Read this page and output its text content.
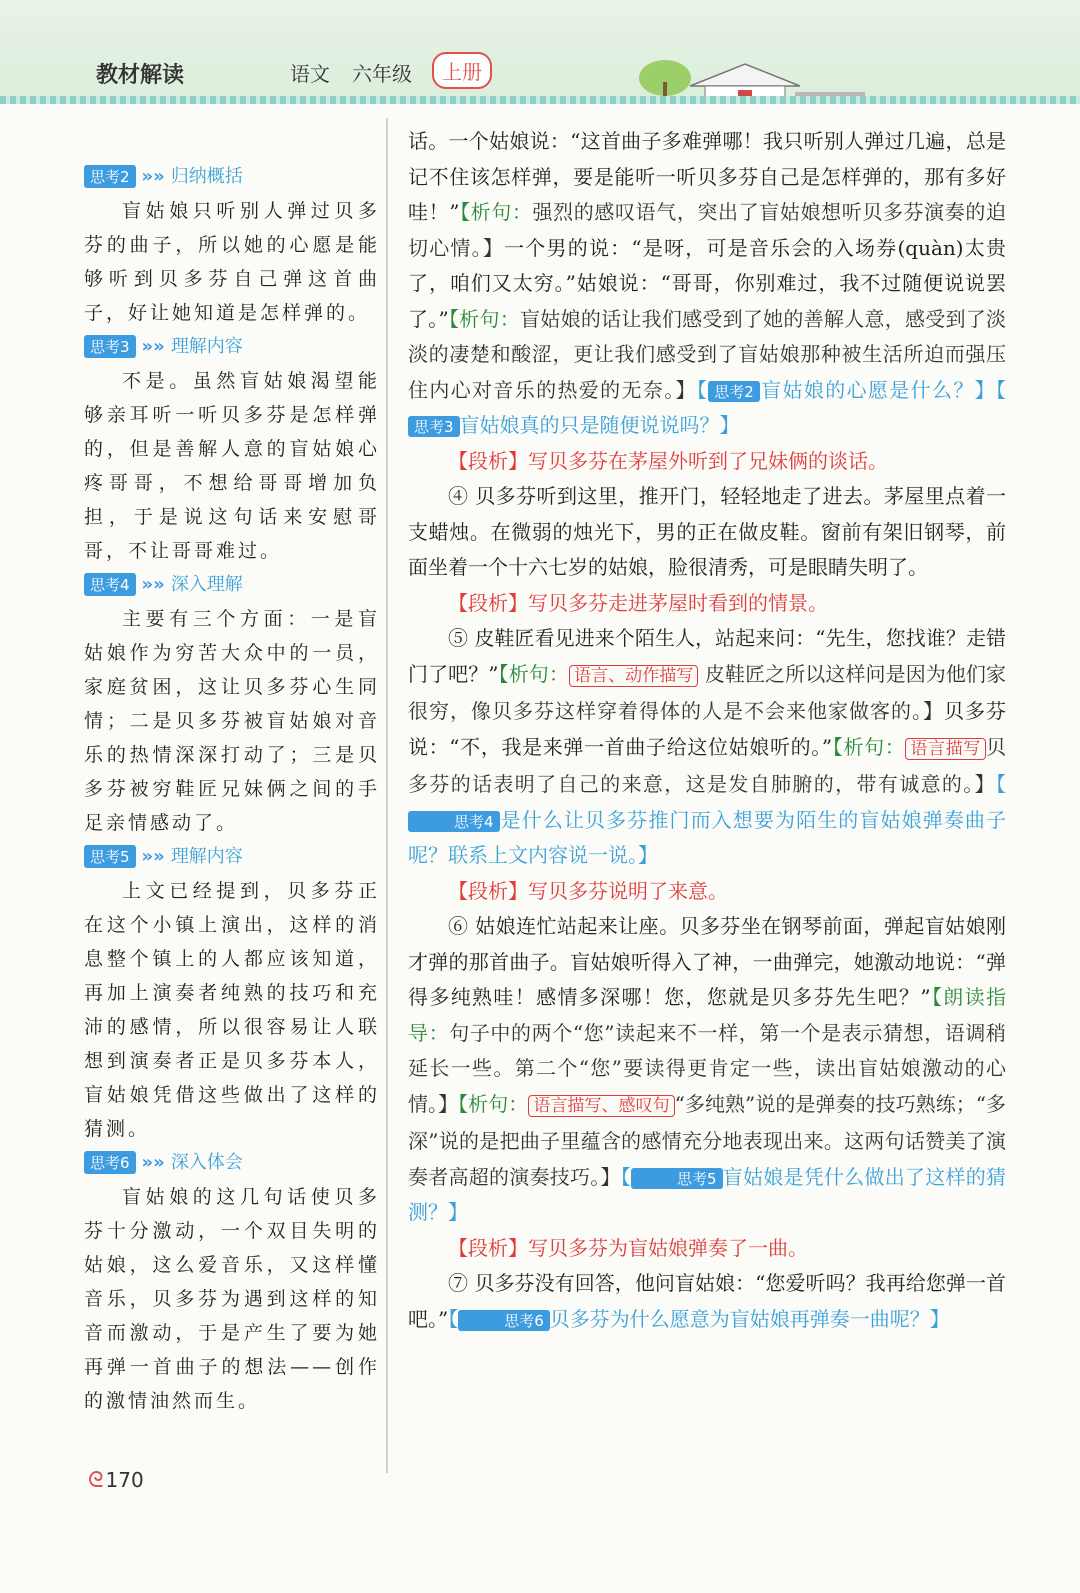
教材解读	语文 六年级	上册
思考2 »» 归纳概括

盲姑娘只听别人弹过贝多芬的曲子，所以她的心愿是能够听到贝多芬自己弹这首曲子，好让她知道是怎样弹的。

思考3 »» 理解内容

不是。虽然盲姑娘渴望能够亲耳听一听贝多芬是怎样弹的，但是善解人意的盲姑娘心疼哥哥，不想给哥哥增加负担，于是说这句话来安慰哥哥，不让哥哥难过。

思考4 »» 深入理解

主要有三个方面：一是盲姑娘作为穷苦大众中的一员，家庭贫困，这让贝多芬心生同情；二是贝多芬被盲姑娘对音乐的热情深深打动了；三是贝多芬被穷鞋匠兄妹俩之间的手足亲情感动了。

思考5 »» 理解内容

上文已经提到，贝多芬正在这个小镇上演出，这样的消息整个镇上的人都应该知道，再加上演奏者纯熟的技巧和充沛的感情，所以很容易让人联想到演奏者正是贝多芬本人，盲姑娘凭借这些做出了这样的猜测。

思考6 »» 深入体会

盲姑娘的这几句话使贝多芬十分激动，一个双目失明的姑娘，这么爱音乐，又这样懂音乐，贝多芬为遇到这样的知音而激动，于是产生了要为她再弹一首曲子的想法——创作的激情油然而生。

话。一个姑娘说：“这首曲子多难弹哪！我只听别人弹过几遍，总是记不住该怎样弹，要是能听一听贝多芬自己是怎样弹的，那有多好哇！”【析句：强烈的感叹语气，突出了盲姑娘想听贝多芬演奏的迫切心情。】一个男的说：“是呀，可是音乐会的入场券(quàn)太贵了，咱们又太穷。”姑娘说：“哥哥，你别难过，我不过随便说说罢了。”【析句：盲姑娘的话让我们感受到了她的善解人意，感受到了淡淡的凄楚和酸涩，更让我们感受到了盲姑娘那种被生活所迫而强压住内心对音乐的热爱的无奈。】【 思考2 盲姑娘的心愿是什么？】【思考3 盲姑娘真的只是随便说说吗？】

【段析】写贝多芬在茅屋外听到了兄妹俩的谈话。

④ 贝多芬听到这里，推开门，轻轻地走了进去。茅屋里点着一支蜡烛。在微弱的烛光下，男的正在做皮鞋。窗前有架旧钢琴，前面坐着一个十六七岁的姑娘，脸很清秀，可是眼睛失明了。

【段析】写贝多芬走进茅屋时看到的情景。

⑤ 皮鞋匠看见进来个陌生人，站起来问：“先生，您找谁？走错门了吧？”【析句： 语言、动作描写 皮鞋匠之所以这样问是因为他们家很穷，像贝多芬这样穿着得体的人是不会来他家做客的。】贝多芬说：“不，我是来弹一首曲子给这位姑娘听的。”【析句： 语言描写 贝多芬的话表明了自己的来意，这是发自肺腑的，带有诚意的。】【思考4 是什么让贝多芬推门而入想要为陌生的盲姑娘弹奏曲子呢？联系上文内容说一说。】

【段析】写贝多芬说明了来意。

⑥ 姑娘连忙站起来让座。贝多芬坐在钢琴前面，弹起盲姑娘刚才弹的那首曲子。盲姑娘听得入了神，一曲弹完，她激动地说：“弹得多纯熟哇！感情多深哪！您，您就是贝多芬先生吧？”【朗读指导：句子中的两个“您”读起来不一样，第一个是表示猜想，语调稍延长一些。第二个“您”要读得更肯定一些，读出盲姑娘激动的心情。】【析句： 语言描写、感叹句 “多纯熟”说的是弹奏的技巧熟练；“多深”说的是把曲子里蕴含的感情充分地表现出来。这两句话赞美了演奏者高超的演奏技巧。】【	思考5 盲姑娘是凭什么做出了这样的猜测？】

【段析】写贝多芬为盲姑娘弹奏了一曲。

⑦ 贝多芬没有回答，他问盲姑娘：“您爱听吗？我再给您弹一首吧。”【	思考6 贝多芬为什么愿意为盲姑娘再弹奏一曲呢？】

ᘓ 170
